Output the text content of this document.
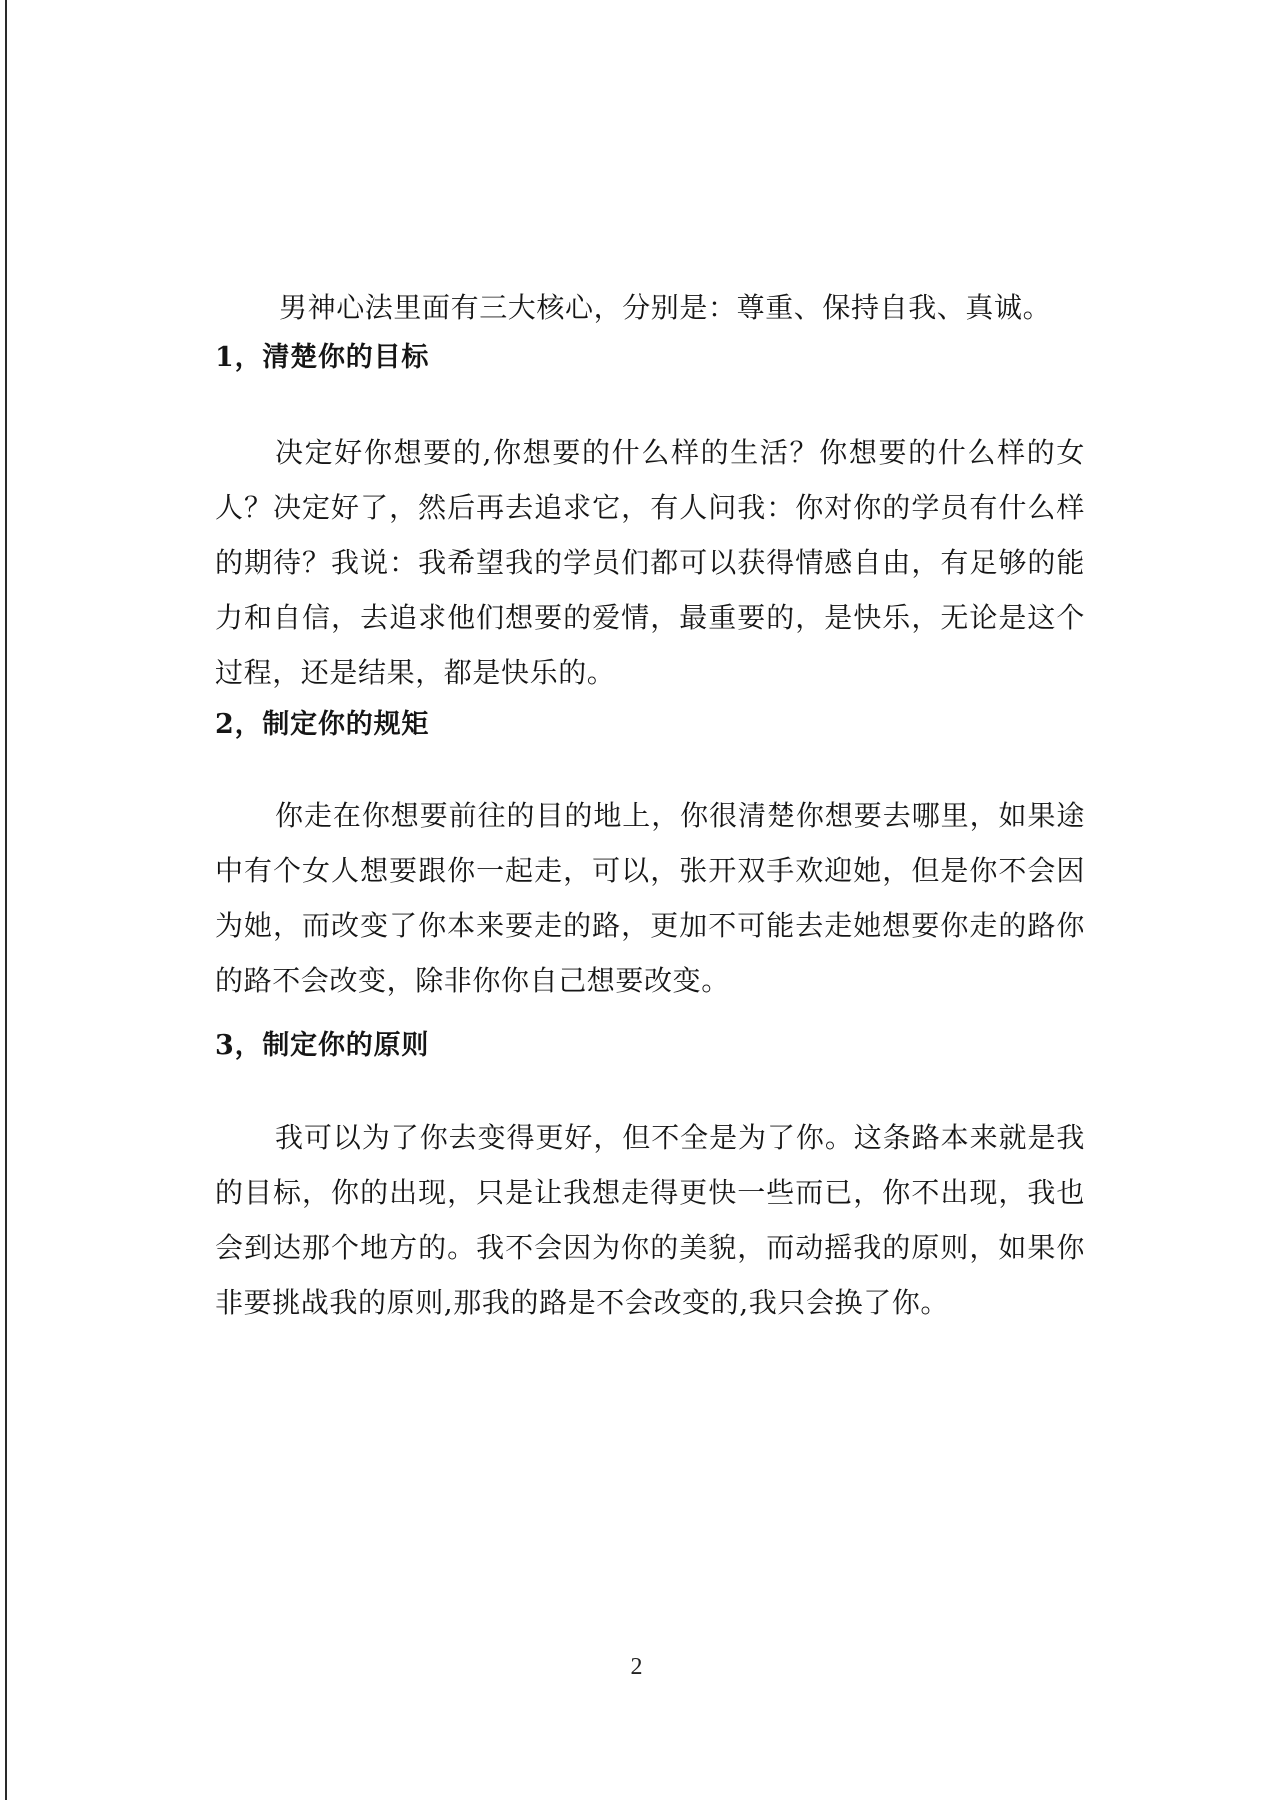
男神心法里面有三大核心，分别是：尊重、保持自我、真诚。
1，清楚你的目标
决定好你想要的,你想要的什么样的生活？你想要的什么样的女人？决定好了，然后再去追求它，有人问我：你对你的学员有什么样的期待？我说：我希望我的学员们都可以获得情感自由，有足够的能力和自信，去追求他们想要的爱情，最重要的，是快乐，无论是这个过程，还是结果，都是快乐的。
2，制定你的规矩
你走在你想要前往的目的地上，你很清楚你想要去哪里，如果途中有个女人想要跟你一起走，可以，张开双手欢迎她，但是你不会因为她，而改变了你本来要走的路，更加不可能去走她想要你走的路你的路不会改变，除非你你自己想要改变。
3，制定你的原则
我可以为了你去变得更好，但不全是为了你。这条路本来就是我的目标，你的出现，只是让我想走得更快一些而已，你不出现，我也会到达那个地方的。我不会因为你的美貌，而动摇我的原则，如果你非要挑战我的原则,那我的路是不会改变的,我只会换了你。
2
